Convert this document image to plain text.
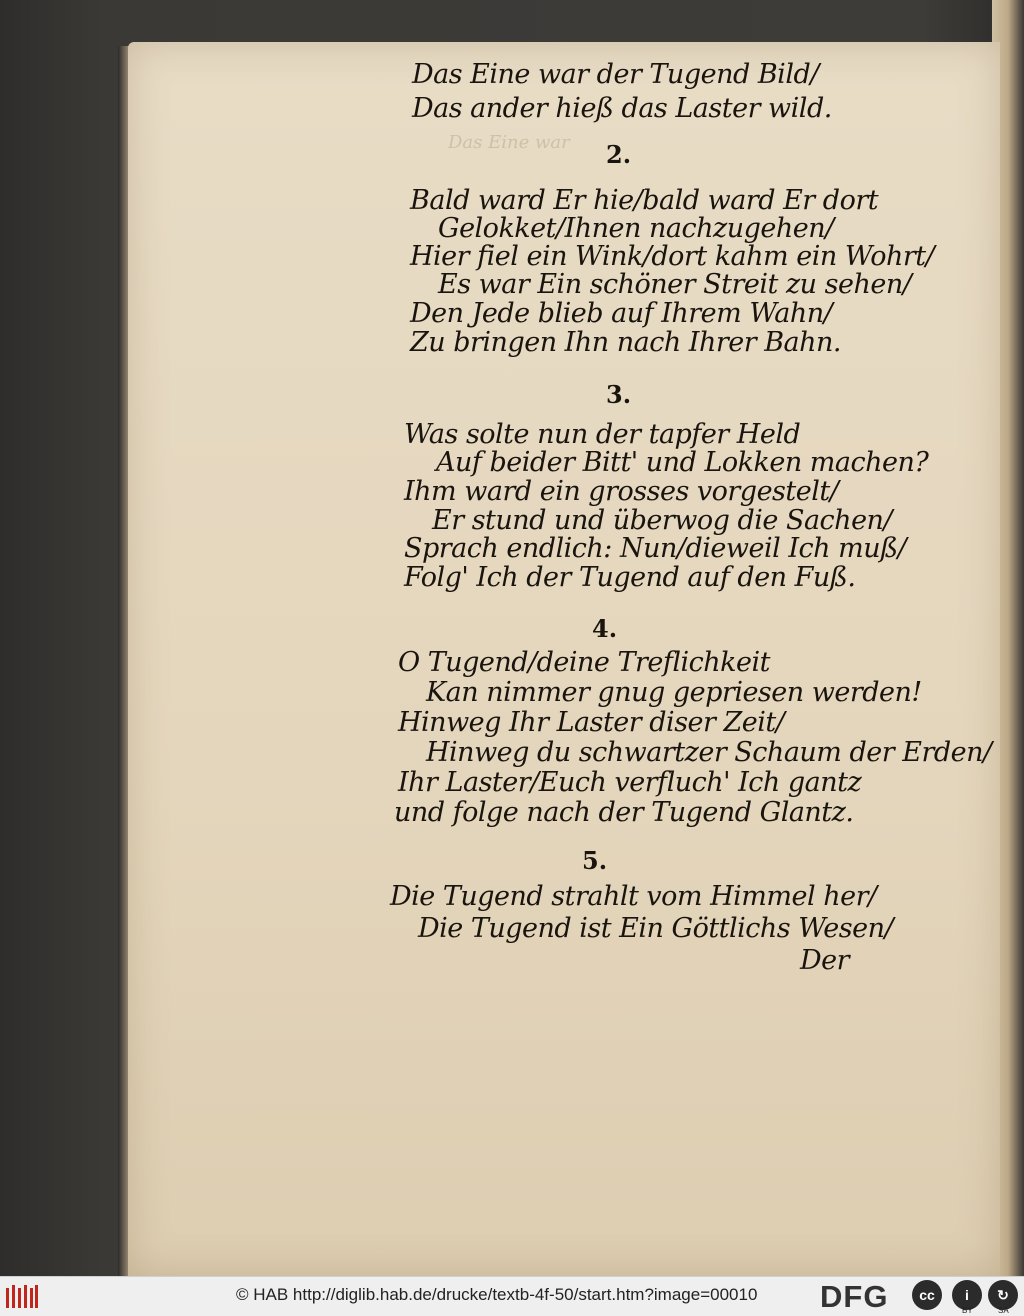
Das Eine war
Das Eine war der Tugend Bild/
Das ander hieß das Laster wild.
2.
Bald ward Er hie/bald ward Er dort
Gelokket/Ihnen nachzugehen/
Hier fiel ein Wink/dort kahm ein Wohrt/
Es war Ein schöner Streit zu sehen/
Den Jede blieb auf Ihrem Wahn/
Zu bringen Ihn nach Ihrer Bahn.
3.
Was solte nun der tapfer Held
Auf beider Bitt' und Lokken machen?
Ihm ward ein grosses vorgestelt/
Er stund und überwog die Sachen/
Sprach endlich: Nun/dieweil Ich muß/
Folg' Ich der Tugend auf den Fuß.
4.
O Tugend/deine Treflichkeit
Kan nimmer gnug gepriesen werden!
Hinweg Ihr Laster diser Zeit/
Hinweg du schwartzer Schaum der Erden/
Ihr Laster/Euch verfluch' Ich gantz
und folge nach der Tugend Glantz.
5.
Die Tugend strahlt vom Himmel her/
Die Tugend ist Ein Göttlichs Wesen/
Der
© HAB http://diglib.hab.de/drucke/textb-4f-50/start.htm?image=00010 DFG	cc	i	↻
BY	SA
